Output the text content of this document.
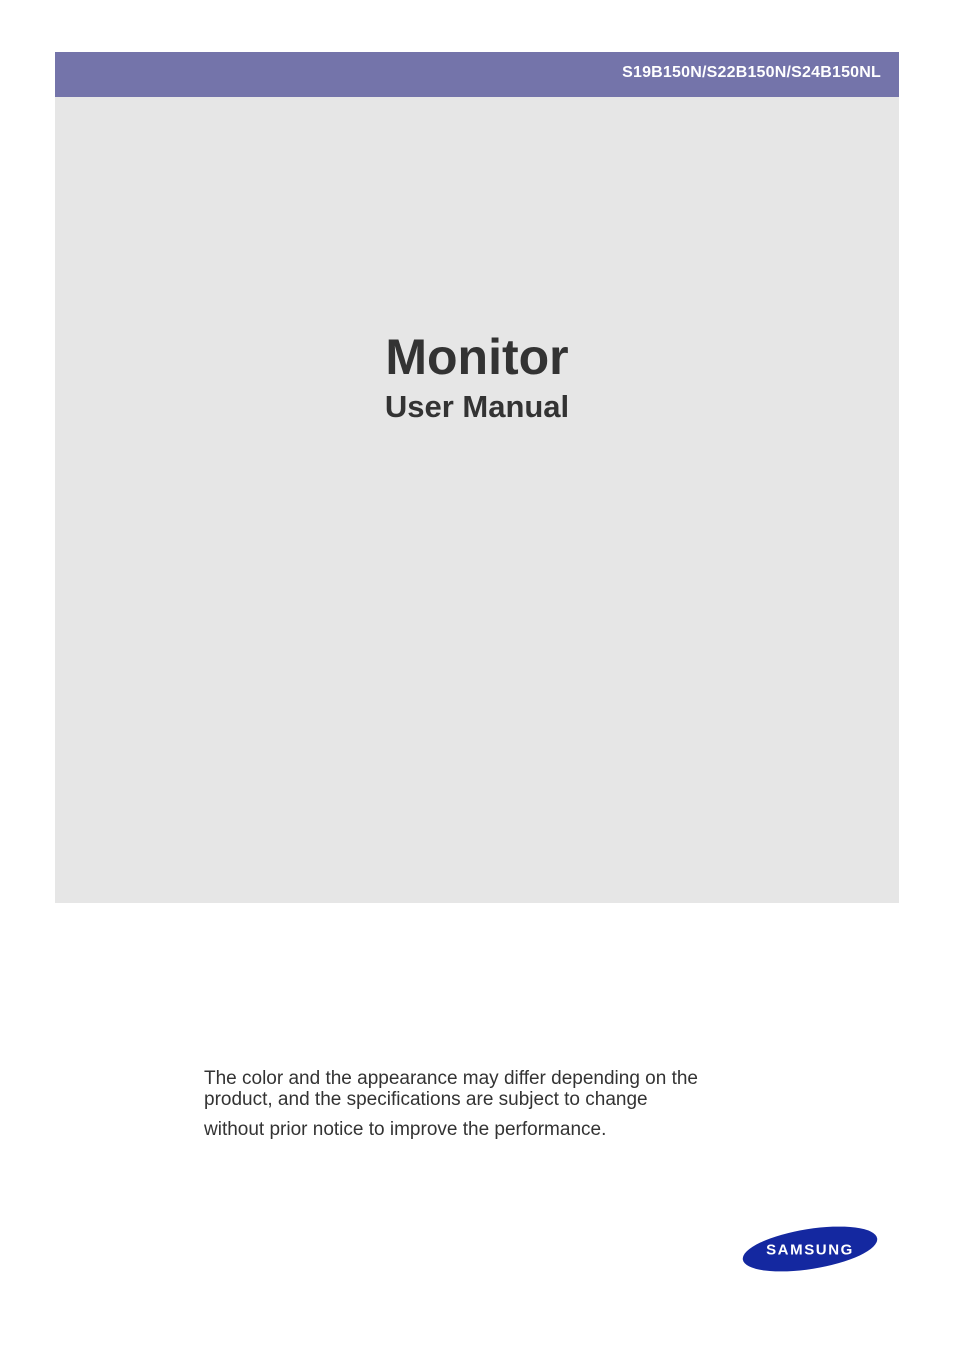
S19B150N/S22B150N/S24B150NL
Monitor
User Manual
The color and the appearance may differ depending on the
product, and the specifications are subject to change
without prior notice to improve the performance.
SAMSUNG
